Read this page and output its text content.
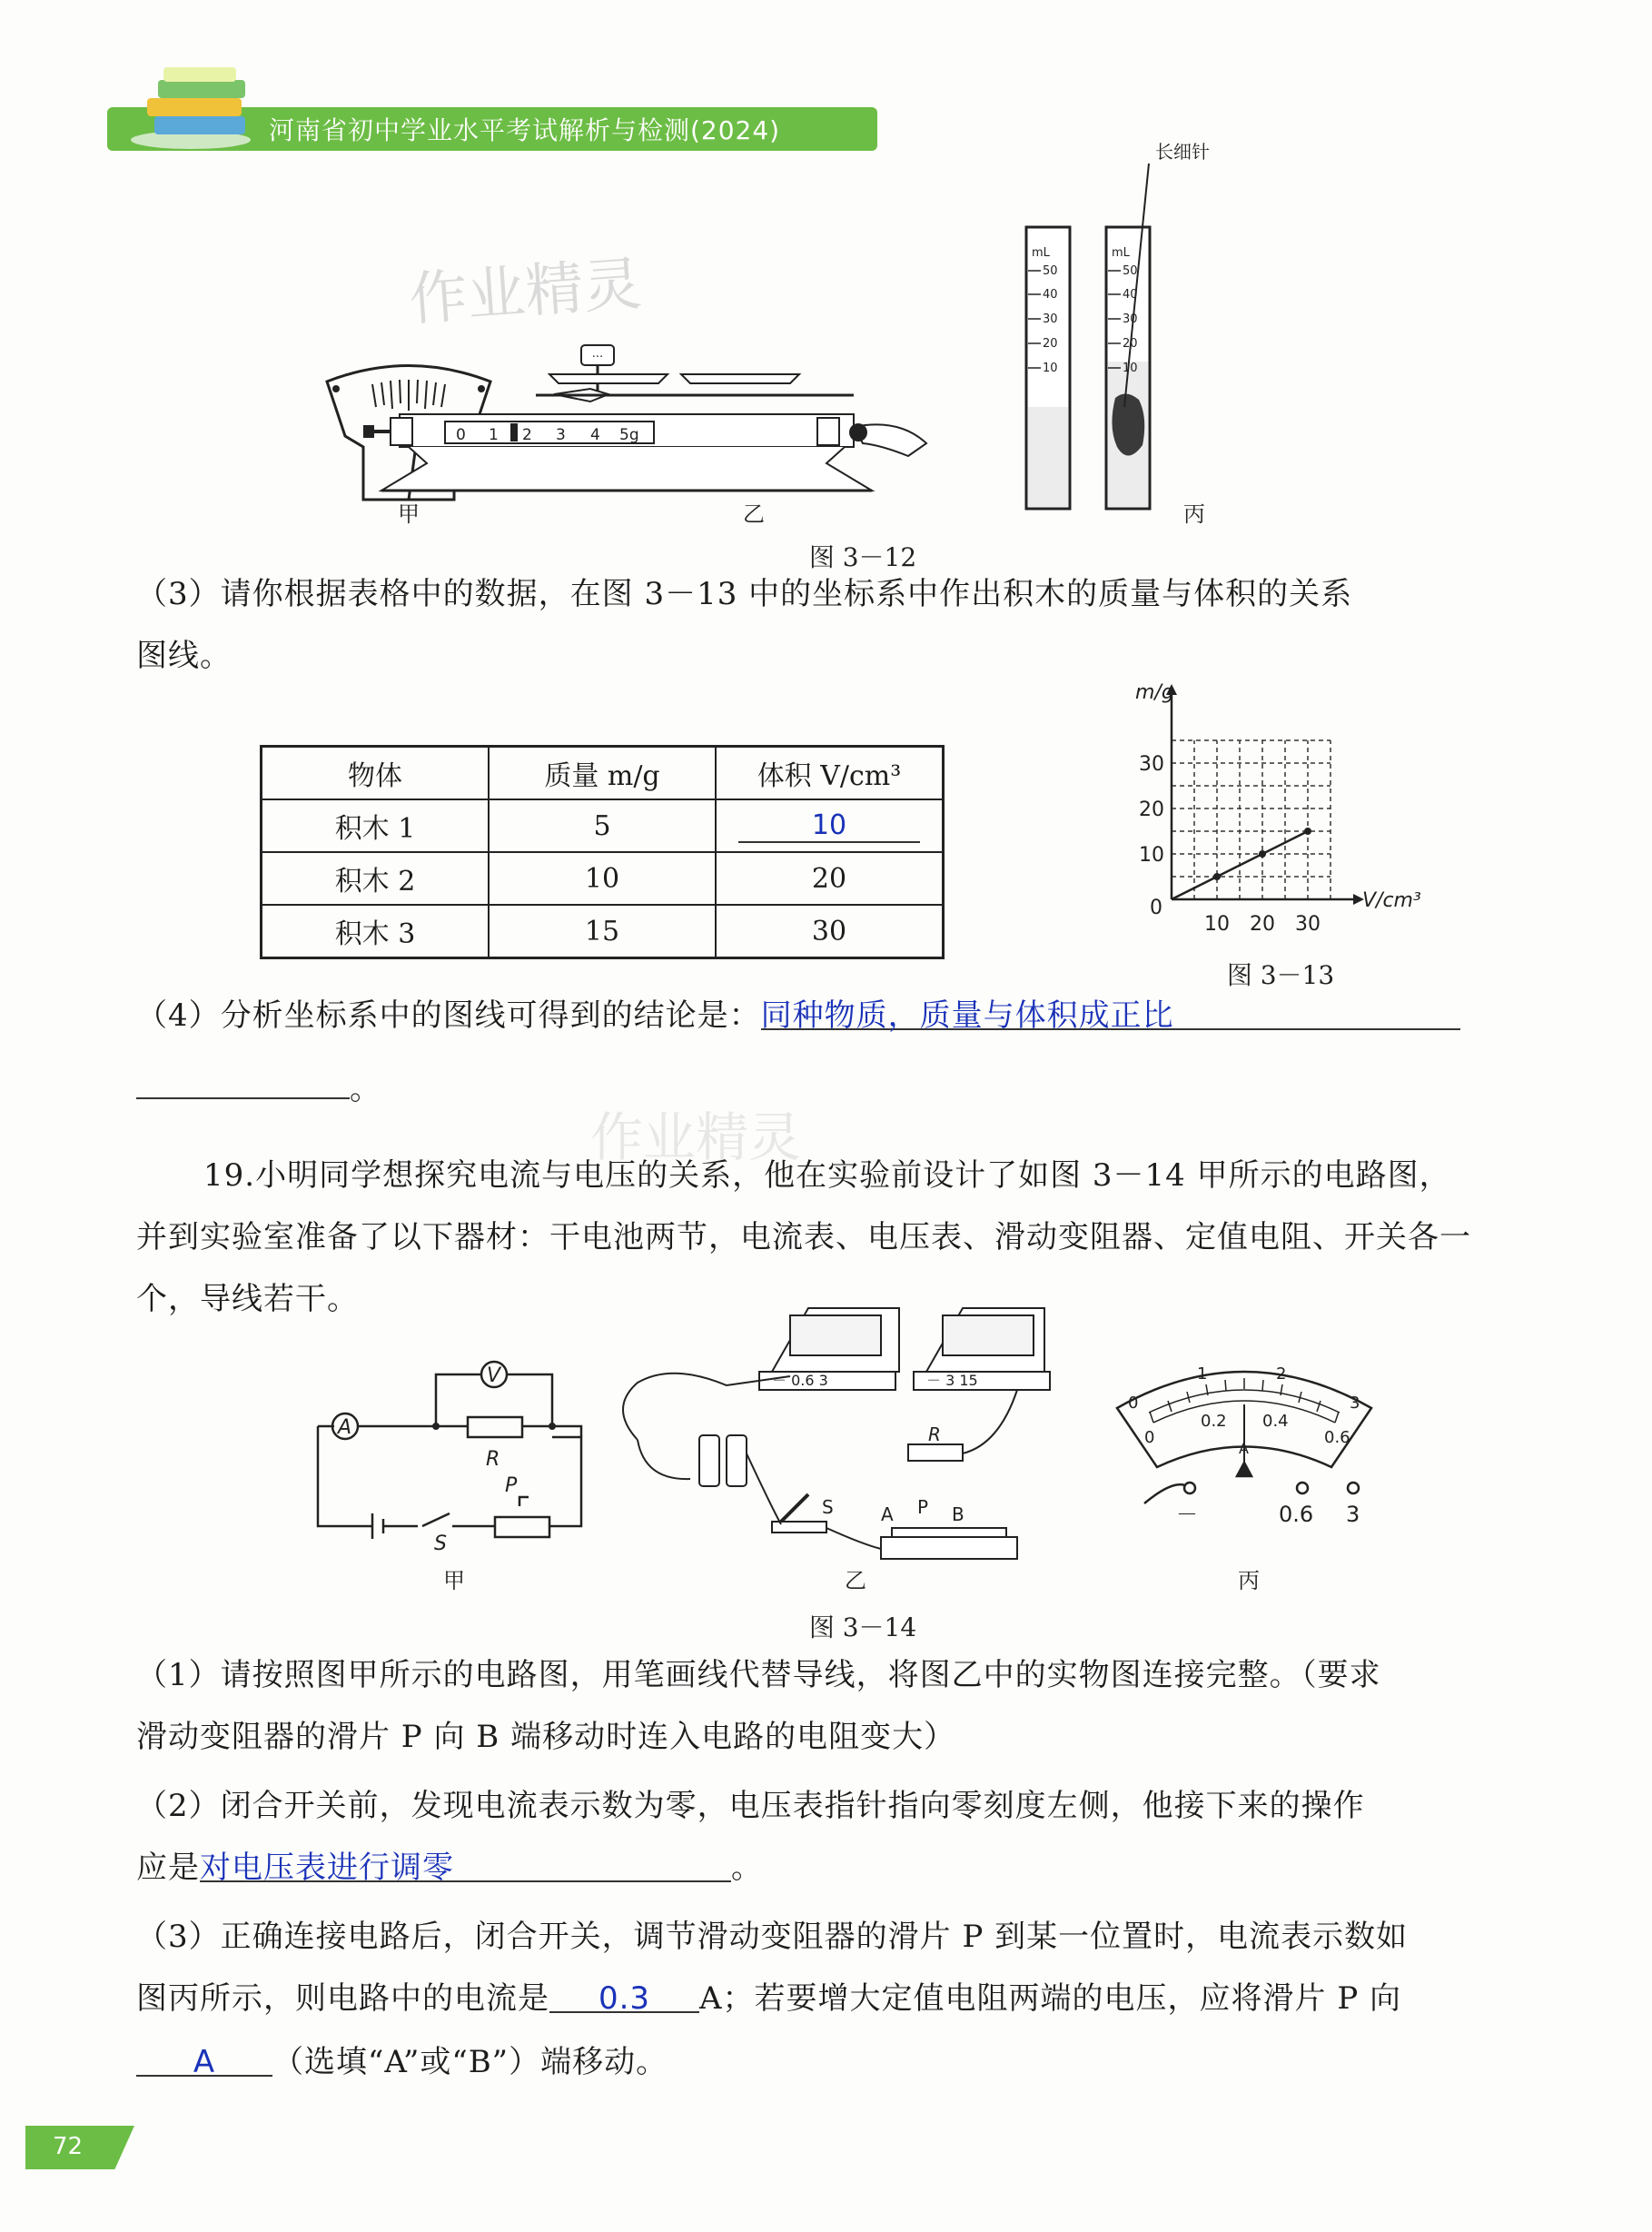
河南省初中学业水平考试解析与检测(2024)
作业精灵
作业精灵
···
0 1 2 3 4 5g
长细针
mL	mL
50
40
30
20
10
50
40
30
20
10
甲	乙	丙
图 3－12
（3）请你根据表格中的数据，在图 3－13 中的坐标系中作出积木的质量与体积的关系
图线。
物体	质量 m/g	体积 V/cm³
积木 1	5	10
积木 2	10	20
积木 3	15	30
V/cm³
m/g
0
10 20 30
10
20
30
图 3－13
（4）分析坐标系中的图线可得到的结论是：同种物质，质量与体积成正比
。
19.小明同学想探究电流与电压的关系，他在实验前设计了如图 3－14 甲所示的电路图，
并到实验室准备了以下器材：干电池两节，电流表、电压表、滑动变阻器、定值电阻、开关各一
个，导线若干。
A
V
R
S
P
甲
－ 0.6 3	－ 3 15
R
S	A P B
乙
0
1	2
3
0
0.2 0.4
0.6
A
－	0.6 3
丙
图 3－14
（1）请按照图甲所示的电路图，用笔画线代替导线，将图乙中的实物图连接完整。（要求
滑动变阻器的滑片 P 向 B 端移动时连入电路的电阻变大）
（2）闭合开关前，发现电流表示数为零，电压表指针指向零刻度左侧，他接下来的操作
应是对电压表进行调零	。
（3）正确连接电路后，闭合开关，调节滑动变阻器的滑片 P 到某一位置时，电流表示数如
图丙所示，则电路中的电流是 0.3 A；若要增大定值电阻两端的电压，应将滑片 P 向
A （选填“A”或“B”）端移动。
72
